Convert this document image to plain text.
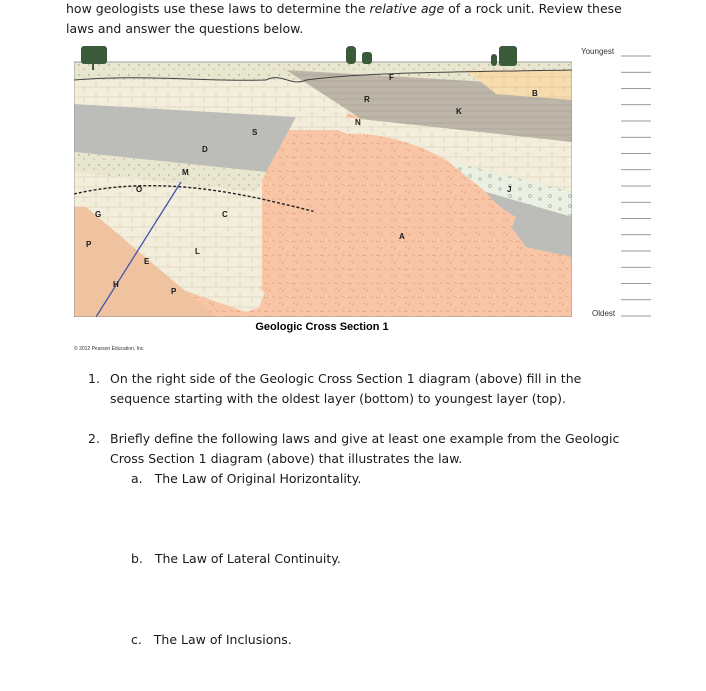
how geologists use these laws to determine the relative age of a rock unit. Review these
laws and answer the questions below.
R
F
N
S
K
B
D
M
O
G	C
P
E
L
H
P
A
J
Geologic Cross Section 1
© 2012 Pearson Education, Inc.
Youngest
Oldest
1. On the right side of the Geologic Cross Section 1 diagram (above) fill in the sequence starting with the oldest layer (bottom) to youngest layer (top).
2. Briefly define the following laws and give at least one example from the Geologic Cross Section 1 diagram (above) that illustrates the law.
a. The Law of Original Horizontality.
b. The Law of Lateral Continuity.
c. The Law of Inclusions.
